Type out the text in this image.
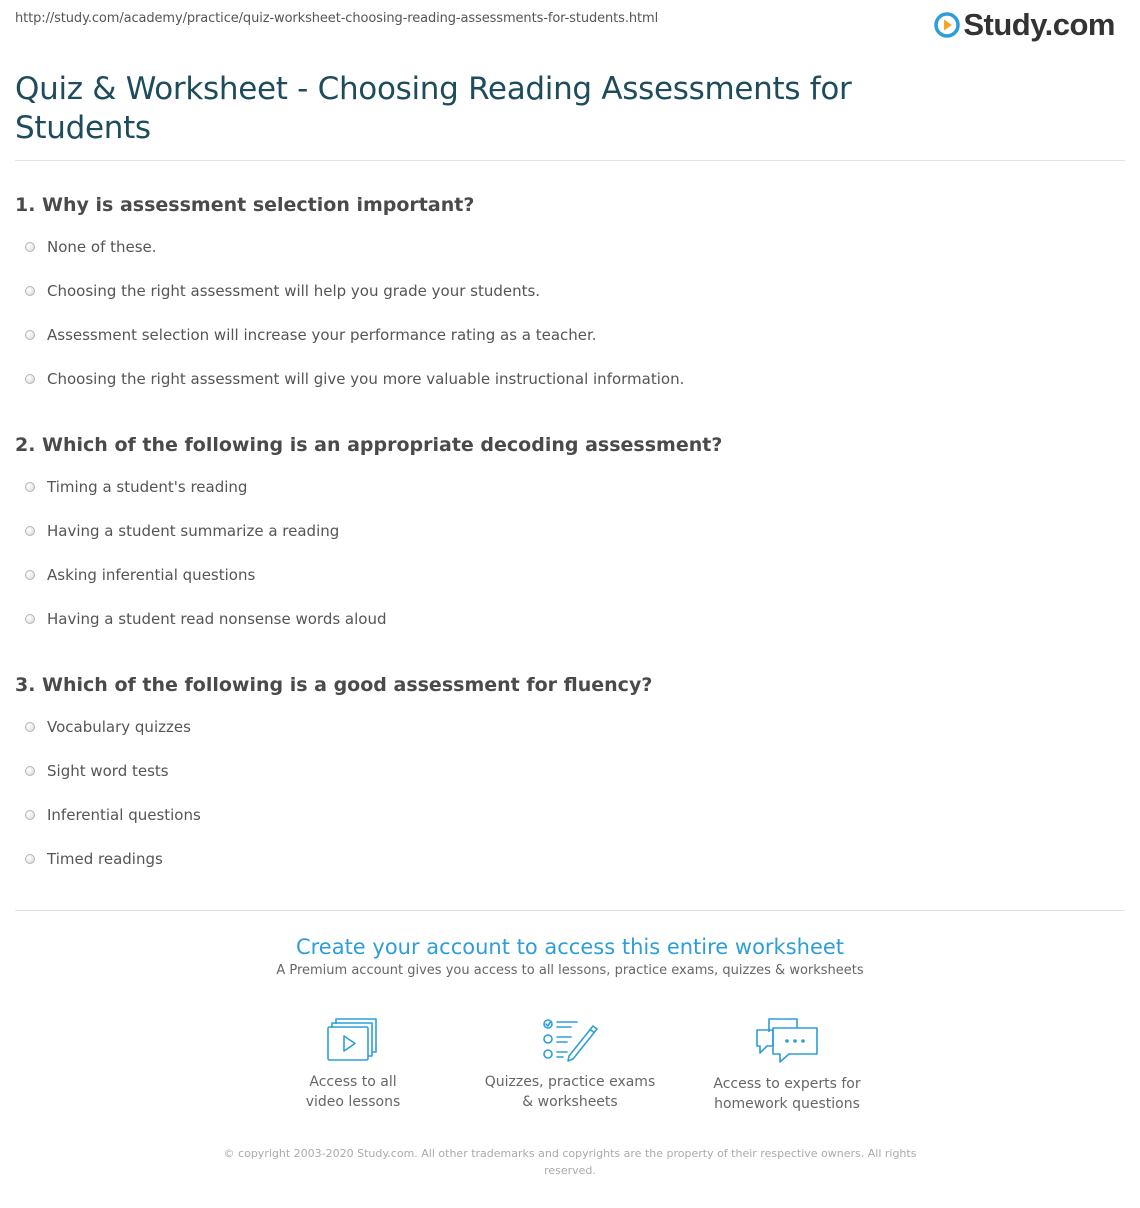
http://study.com/academy/practice/quiz-worksheet-choosing-reading-assessments-for-students.html	Study.com
Quiz & Worksheet - Choosing Reading Assessments for Students
1. Why is assessment selection important?
None of these.
Choosing the right assessment will help you grade your students.
Assessment selection will increase your performance rating as a teacher.
Choosing the right assessment will give you more valuable instructional information.
2. Which of the following is an appropriate decoding assessment?
Timing a student's reading
Having a student summarize a reading
Asking inferential questions
Having a student read nonsense words aloud
3. Which of the following is a good assessment for fluency?
Vocabulary quizzes
Sight word tests
Inferential questions
Timed readings
Create your account to access this entire worksheet
A Premium account gives you access to all lessons, practice exams, quizzes & worksheets
Access to all
video lessons
Quizzes, practice exams
& worksheets
Access to experts for
homework questions
© copyright 2003-2020 Study.com. All other trademarks and copyrights are the property of their respective owners. All rights reserved.
